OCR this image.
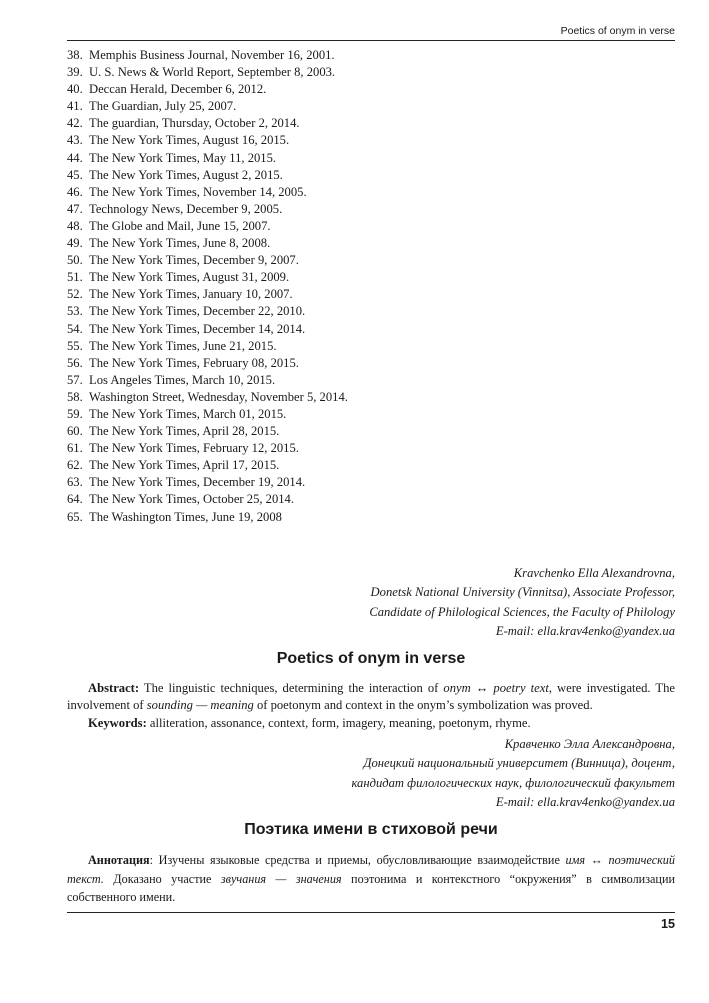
Poetics of onym in verse
38. Memphis Business Journal, November 16, 2001.
39. U. S. News & World Report, September 8, 2003.
40. Deccan Herald, December 6, 2012.
41. The Guardian, July 25, 2007.
42. The guardian, Thursday, October 2, 2014.
43. The New York Times, August 16, 2015.
44. The New York Times, May 11, 2015.
45. The New York Times, August 2, 2015.
46. The New York Times, November 14, 2005.
47. Technology News, December 9, 2005.
48. The Globe and Mail, June 15, 2007.
49. The New York Times, June 8, 2008.
50. The New York Times, December 9, 2007.
51. The New York Times, August 31, 2009.
52. The New York Times, January 10, 2007.
53. The New York Times, December 22, 2010.
54. The New York Times, December 14, 2014.
55. The New York Times, June 21, 2015.
56. The New York Times, February 08, 2015.
57. Los Angeles Times, March 10, 2015.
58. Washington Street, Wednesday, November 5, 2014.
59. The New York Times, March 01, 2015.
60. The New York Times, April 28, 2015.
61. The New York Times, February 12, 2015.
62. The New York Times, April 17, 2015.
63. The New York Times, December 19, 2014.
64. The New York Times, October 25, 2014.
65. The Washington Times, June 19, 2008
Kravchenko Ella Alexandrovna,
Donetsk National University (Vinnitsa), Associate Professor,
Candidate of Philological Sciences, the Faculty of Philology
E-mail: ella.krav4enko@yandex.ua
Poetics of onym in verse

Abstract: The linguistic techniques, determining the interaction of onym ↔ poetry text, were investigated. The involvement of sounding — meaning of poetonym and context in the onym’s symbolization was proved.

Keywords: alliteration, assonance, context, form, imagery, meaning, poetonym, rhyme.

Кравченко Элла Александровна,
Донецкий национальный университет (Винница), доцент,
кандидат филологических наук, филологический факультет
E-mail: ella.krav4enko@yandex.ua
Поэтика имени в стиховой речи

Аннотация: Изучены языковые средства и приемы, обусловливающие взаимодействие имя ↔ поэтический текст. Доказано участие звучания — значения поэтонима и контекстного “окружения” в символизации собственного имени.

15
